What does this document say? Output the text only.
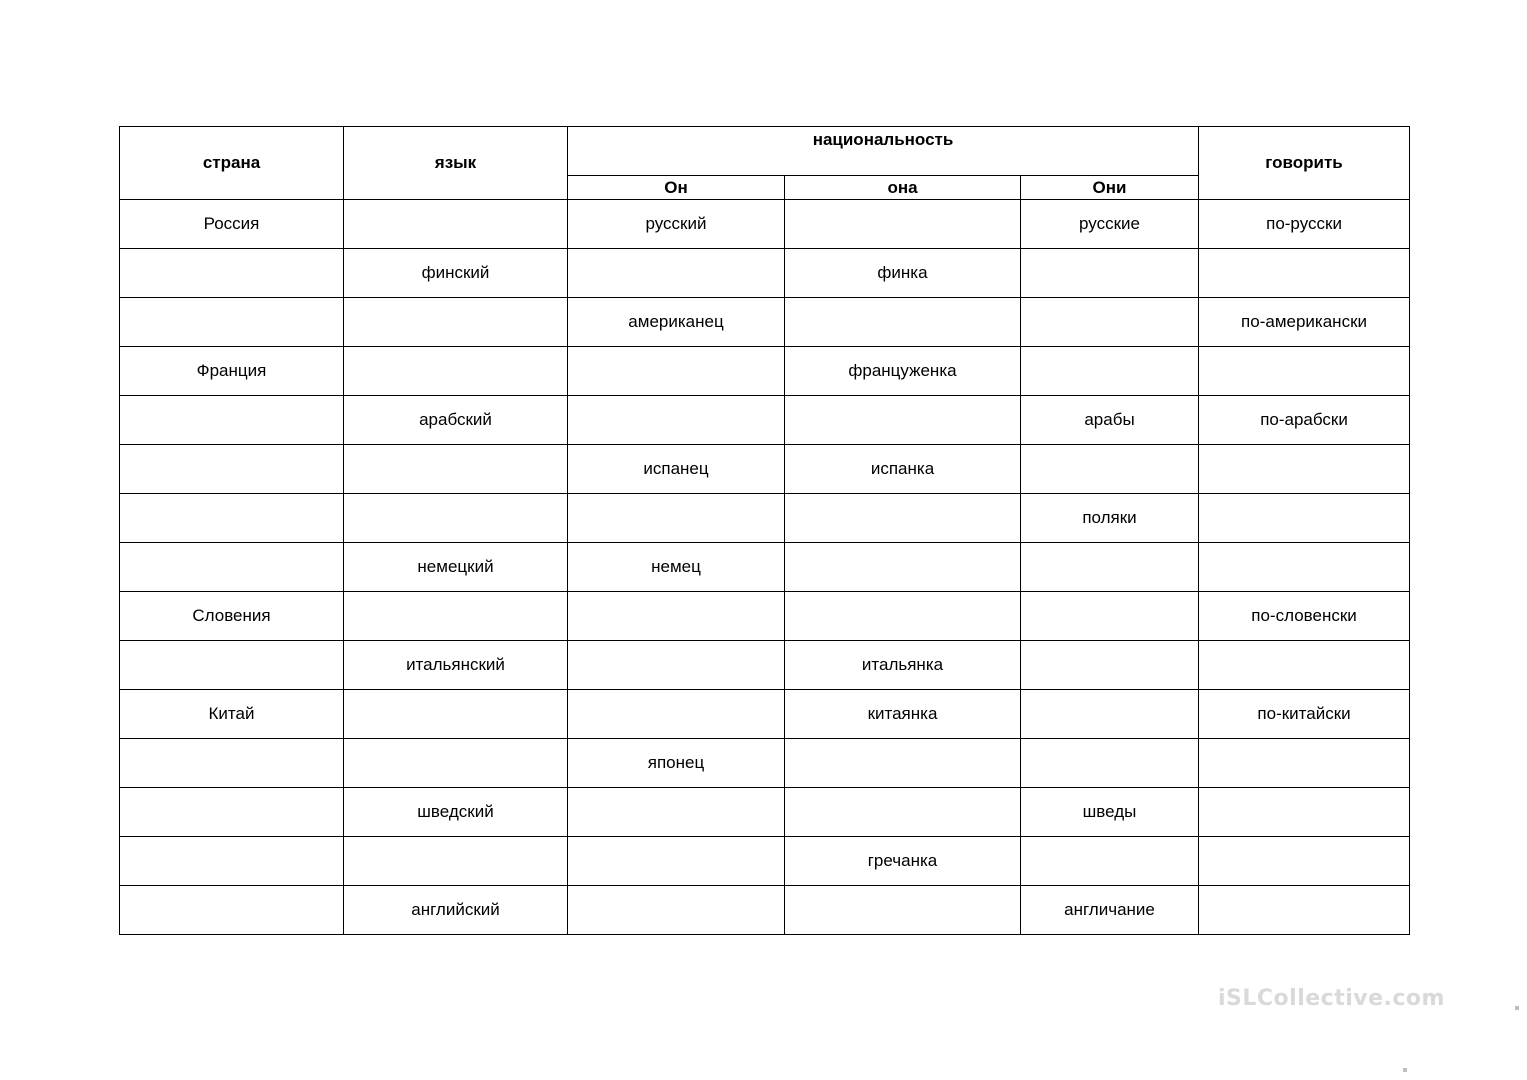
страна	язык	национальность			говорить
		Он	она	Они	
Россия		русский		русские	по-русски
	финский		финка		
		американец			по-американски
Франция			француженка		
	арабский			арабы	по-арабски
		испанец	испанка		
				поляки	
	немецкий	немец			
Словения					по-словенски
	итальянский		итальянка		
Китай			китаянка		по-китайски
		японец			
	шведский			шведы	
			гречанка		
	английский			англичание	
iSLCollective.com
